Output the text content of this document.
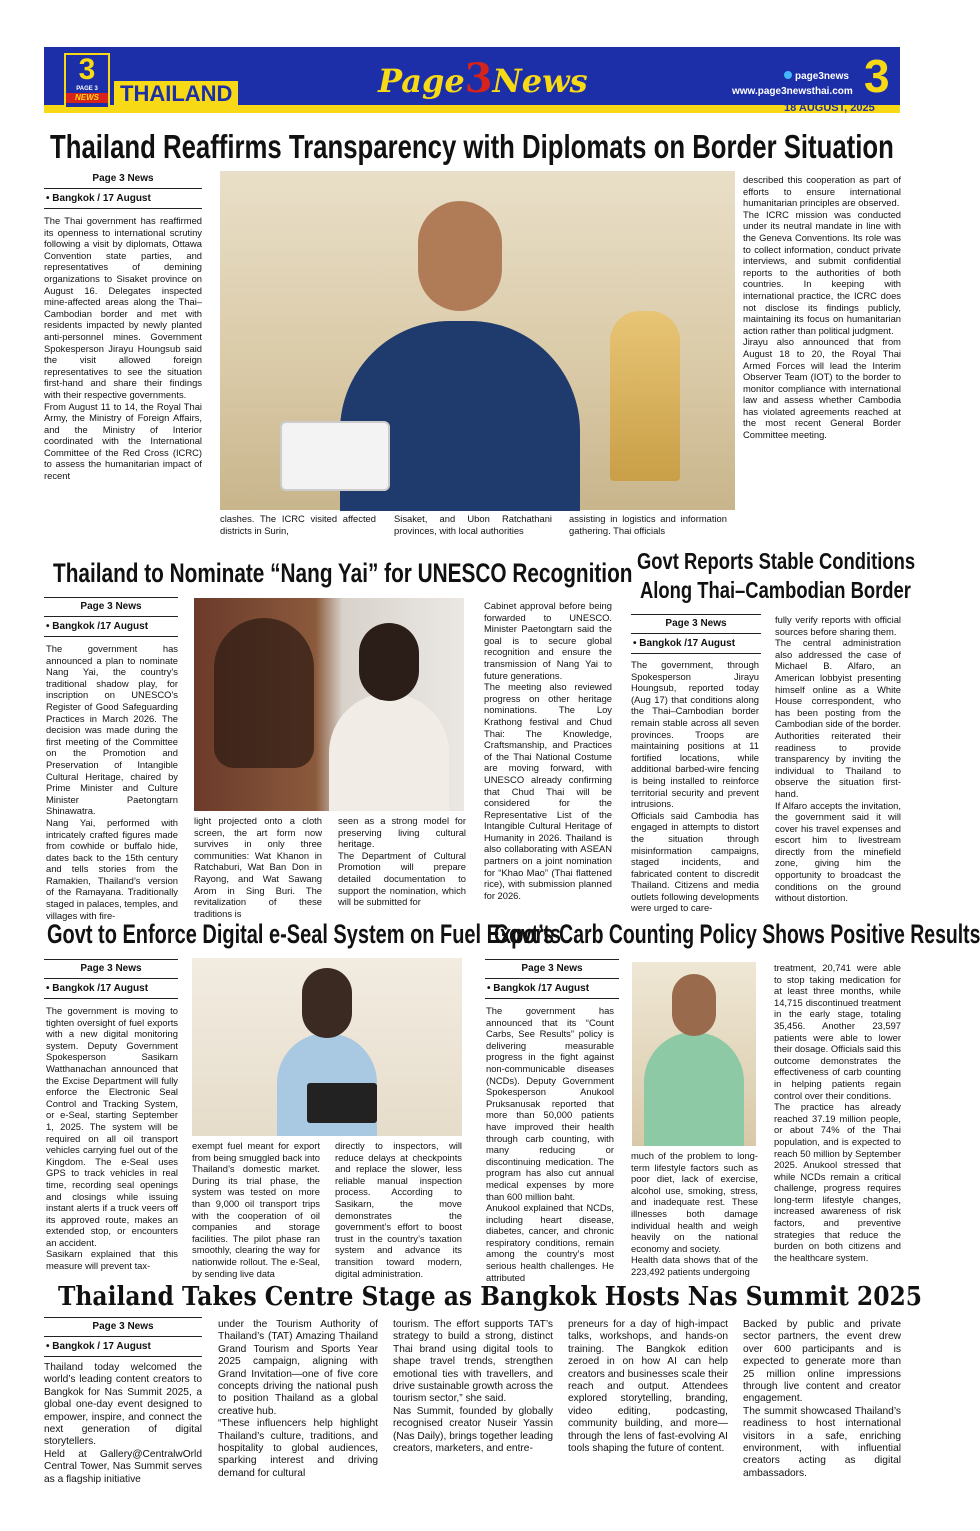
3
PAGE 3
NEWS THAILAND	Page3News	page3news
www.page3newsthai.com 3
18 AUGUST, 2025
Thailand Reaffirms Transparency with Diplomats on Border Situation
Page 3 News
• Bangkok / 17 August
The Thai government has reaffirmed its openness to international scrutiny following a visit by diplomats, Ottawa Convention state parties, and representatives of demining organizations to Sisaket province on August 16. Delegates inspected mine-affected areas along the Thai–Cambodian border and met with residents impacted by newly planted anti-personnel mines. Government Spokesperson Jirayu Houngsub said the visit allowed foreign representatives to see the situation first-hand and share their findings with their respective governments.
From August 11 to 14, the Royal Thai Army, the Ministry of Foreign Affairs, and the Ministry of Interior coordinated with the International Committee of the Red Cross (ICRC) to assess the humanitarian impact of recent
clashes. The ICRC visited affected districts in Surin,
Sisaket, and Ubon Ratchathani provinces, with local authorities
assisting in logistics and information gathering. Thai officials
described this cooperation as part of efforts to ensure international humanitarian principles are observed.
The ICRC mission was conducted under its neutral mandate in line with the Geneva Conventions. Its role was to collect information, conduct private interviews, and submit confidential reports to the authorities of both countries. In keeping with international practice, the ICRC does not disclose its findings publicly, maintaining its focus on humanitarian action rather than political judgment.
Jirayu also announced that from August 18 to 20, the Royal Thai Armed Forces will lead the Interim Observer Team (IOT) to the border to monitor compliance with international law and assess whether Cambodia has violated agreements reached at the most recent General Border Committee meeting.
Thailand to Nominate “Nang Yai” for UNESCO Recognition
Page 3 News
• Bangkok /17 August
The government has announced a plan to nominate Nang Yai, the country’s traditional shadow play, for inscription on UNESCO’s Register of Good Safeguarding Practices in March 2026. The decision was made during the first meeting of the Committee on the Promotion and Preservation of Intangible Cultural Heritage, chaired by Prime Minister and Culture Minister Paetongtarn Shinawatra.
Nang Yai, performed with intricately crafted figures made from cowhide or buffalo hide, dates back to the 15th century and tells stories from the Ramakien, Thailand’s version of the Ramayana. Traditionally staged in palaces, temples, and villages with fire-
light projected onto a cloth screen, the art form now survives in only three communities: Wat Khanon in Ratchaburi, Wat Ban Don in Rayong, and Wat Sawang Arom in Sing Buri. The revitalization of these traditions is
seen as a strong model for preserving living cultural heritage.
The Department of Cultural Promotion will prepare detailed documentation to support the nomination, which will be submitted for
Cabinet approval before being forwarded to UNESCO. Minister Paetongtarn said the goal is to secure global recognition and ensure the transmission of Nang Yai to future generations.
The meeting also reviewed progress on other heritage nominations. The Loy Krathong festival and Chud Thai: The Knowledge, Craftsmanship, and Practices of the Thai National Costume are moving forward, with UNESCO already confirming that Chud Thai will be considered for the Representative List of the Intangible Cultural Heritage of Humanity in 2026. Thailand is also collaborating with ASEAN partners on a joint nomination for “Khao Mao” (Thai flattened rice), with submission planned for 2026.
Govt Reports Stable Conditions
Along Thai–Cambodian Border
Page 3 News
• Bangkok /17 August
The government, through Spokesperson Jirayu Houngsub, reported today (Aug 17) that conditions along the Thai–Cambodian border remain stable across all seven provinces. Troops are maintaining positions at 11 fortified locations, while additional barbed-wire fencing is being installed to reinforce territorial security and prevent intrusions.
Officials said Cambodia has engaged in attempts to distort the situation through misinformation campaigns, staged incidents, and fabricated content to discredit Thailand. Citizens and media outlets following developments were urged to care-
fully verify reports with official sources before sharing them.
The central administration also addressed the case of Michael B. Alfaro, an American lobbyist presenting himself online as a White House correspondent, who has been posting from the Cambodian side of the border. Authorities reiterated their readiness to provide transparency by inviting the individual to Thailand to observe the situation first-hand.
If Alfaro accepts the invitation, the government said it will cover his travel expenses and escort him to livestream directly from the minefield zone, giving him the opportunity to broadcast the conditions on the ground without distortion.
Govt to Enforce Digital e-Seal System on Fuel Exports
Page 3 News
• Bangkok /17 August
The government is moving to tighten oversight of fuel exports with a new digital monitoring system. Deputy Government Spokesperson Sasikarn Watthanachan announced that the Excise Department will fully enforce the Electronic Seal Control and Tracking System, or e-Seal, starting September 1, 2025. The system will be required on all oil transport vehicles carrying fuel out of the Kingdom. The e-Seal uses GPS to track vehicles in real time, recording seal openings and closings while issuing instant alerts if a truck veers off its approved route, makes an extended stop, or encounters an accident.
Sasikarn explained that this measure will prevent tax-
exempt fuel meant for export from being smuggled back into Thailand’s domestic market. During its trial phase, the system was tested on more than 9,000 oil transport trips with the cooperation of oil companies and storage facilities. The pilot phase ran smoothly, clearing the way for nationwide rollout. The e-Seal, by sending live data
directly to inspectors, will reduce delays at checkpoints and replace the slower, less reliable manual inspection process. According to Sasikarn, the move demonstrates the government’s effort to boost trust in the country’s taxation system and advance its transition toward modern, digital administration.
Govt’s Carb Counting Policy Shows Positive Results
Page 3 News
• Bangkok /17 August
The government has announced that its “Count Carbs, See Results” policy is delivering measurable progress in the fight against non-communicable diseases (NCDs). Deputy Government Spokesperson Anukool Pruksanusak reported that more than 50,000 patients have improved their health through carb counting, with many reducing or discontinuing medication. The program has also cut annual medical expenses by more than 600 million baht.
Anukool explained that NCDs, including heart disease, diabetes, cancer, and chronic respiratory conditions, remain among the country’s most serious health challenges. He attributed
much of the problem to long-term lifestyle factors such as poor diet, lack of exercise, alcohol use, smoking, stress, and inadequate rest. These illnesses both damage individual health and weigh heavily on the national economy and society.
Health data shows that of the 223,492 patients undergoing
treatment, 20,741 were able to stop taking medication for at least three months, while 14,715 discontinued treatment in the early stage, totaling 35,456. Another 23,597 patients were able to lower their dosage. Officials said this outcome demonstrates the effectiveness of carb counting in helping patients regain control over their conditions.
The practice has already reached 37.19 million people, or about 74% of the Thai population, and is expected to reach 50 million by September 2025. Anukool stressed that while NCDs remain a critical challenge, progress requires long-term lifestyle changes, increased awareness of risk factors, and preventive strategies that reduce the burden on both citizens and the healthcare system.
Thailand Takes Centre Stage as Bangkok Hosts Nas Summit 2025
Page 3 News
• Bangkok / 17 August
Thailand today welcomed the world’s leading content creators to Bangkok for Nas Summit 2025, a global one-day event designed to empower, inspire, and connect the next generation of digital storytellers.
Held at Gallery@CentralwOrld Central Tower, Nas Summit serves as a flagship initiative
under the Tourism Authority of Thailand’s (TAT) Amazing Thailand Grand Tourism and Sports Year 2025 campaign, aligning with Grand Invitation—one of five core concepts driving the national push to position Thailand as a global creative hub.
“These influencers help highlight Thailand’s culture, traditions, and hospitality to global audiences, sparking interest and driving demand for cultural
tourism. The effort supports TAT’s strategy to build a strong, distinct Thai brand using digital tools to shape travel trends, strengthen emotional ties with travellers, and drive sustainable growth across the tourism sector,” she said.
Nas Summit, founded by globally recognised creator Nuseir Yassin (Nas Daily), brings together leading creators, marketers, and entre-
preneurs for a day of high-impact talks, workshops, and hands-on training. The Bangkok edition zeroed in on how AI can help creators and businesses scale their reach and output. Attendees explored storytelling, branding, video editing, podcasting, community building, and more—through the lens of fast-evolving AI tools shaping the future of content.
Backed by public and private sector partners, the event drew over 600 participants and is expected to generate more than 25 million online impressions through live content and creator engagement.
The summit showcased Thailand’s readiness to host international visitors in a safe, enriching environment, with influential creators acting as digital ambassadors.
